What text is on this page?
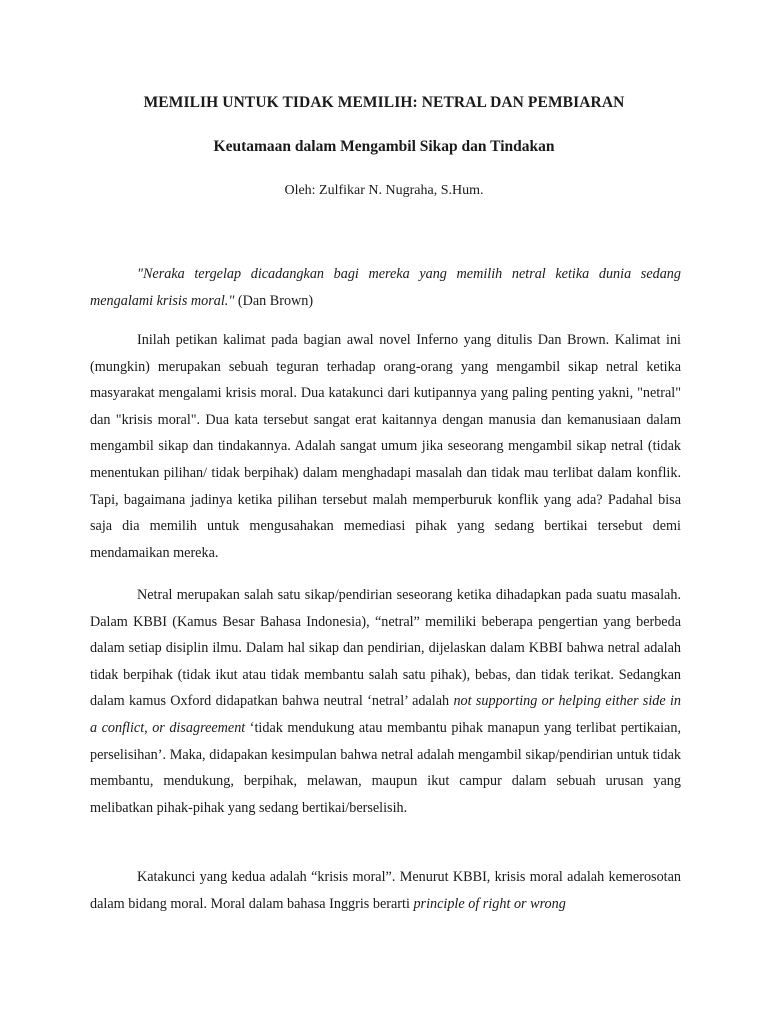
MEMILIH UNTUK TIDAK MEMILIH: NETRAL DAN PEMBIARAN
Keutamaan dalam Mengambil Sikap dan Tindakan
Oleh: Zulfikar N. Nugraha, S.Hum.

"Neraka tergelap dicadangkan bagi mereka yang memilih netral ketika dunia sedang mengalami krisis moral." (Dan Brown)

Inilah petikan kalimat pada bagian awal novel Inferno yang ditulis Dan Brown. Kalimat ini (mungkin) merupakan sebuah teguran terhadap orang-orang yang mengambil sikap netral ketika masyarakat mengalami krisis moral. Dua katakunci dari kutipannya yang paling penting yakni, "netral" dan "krisis moral". Dua kata tersebut sangat erat kaitannya dengan manusia dan kemanusiaan dalam mengambil sikap dan tindakannya. Adalah sangat umum jika seseorang mengambil sikap netral (tidak menentukan pilihan/ tidak berpihak) dalam menghadapi masalah dan tidak mau terlibat dalam konflik. Tapi, bagaimana jadinya ketika pilihan tersebut malah memperburuk konflik yang ada? Padahal bisa saja dia memilih untuk mengusahakan memediasi pihak yang sedang bertikai tersebut demi mendamaikan mereka.

Netral merupakan salah satu sikap/pendirian seseorang ketika dihadapkan pada suatu masalah. Dalam KBBI (Kamus Besar Bahasa Indonesia), “netral” memiliki beberapa pengertian yang berbeda dalam setiap disiplin ilmu. Dalam hal sikap dan pendirian, dijelaskan dalam KBBI bahwa netral adalah tidak berpihak (tidak ikut atau tidak membantu salah satu pihak), bebas, dan tidak terikat. Sedangkan dalam kamus Oxford didapatkan bahwa neutral ‘netral’ adalah not supporting or helping either side in a conflict, or disagreement ‘tidak mendukung atau membantu pihak manapun yang terlibat pertikaian, perselisihan’. Maka, didapakan kesimpulan bahwa netral adalah mengambil sikap/pendirian untuk tidak membantu, mendukung, berpihak, melawan, maupun ikut campur dalam sebuah urusan yang melibatkan pihak-pihak yang sedang bertikai/berselisih.

Katakunci yang kedua adalah “krisis moral”. Menurut KBBI, krisis moral adalah kemerosotan dalam bidang moral. Moral dalam bahasa Inggris berarti principle of right or wrong
